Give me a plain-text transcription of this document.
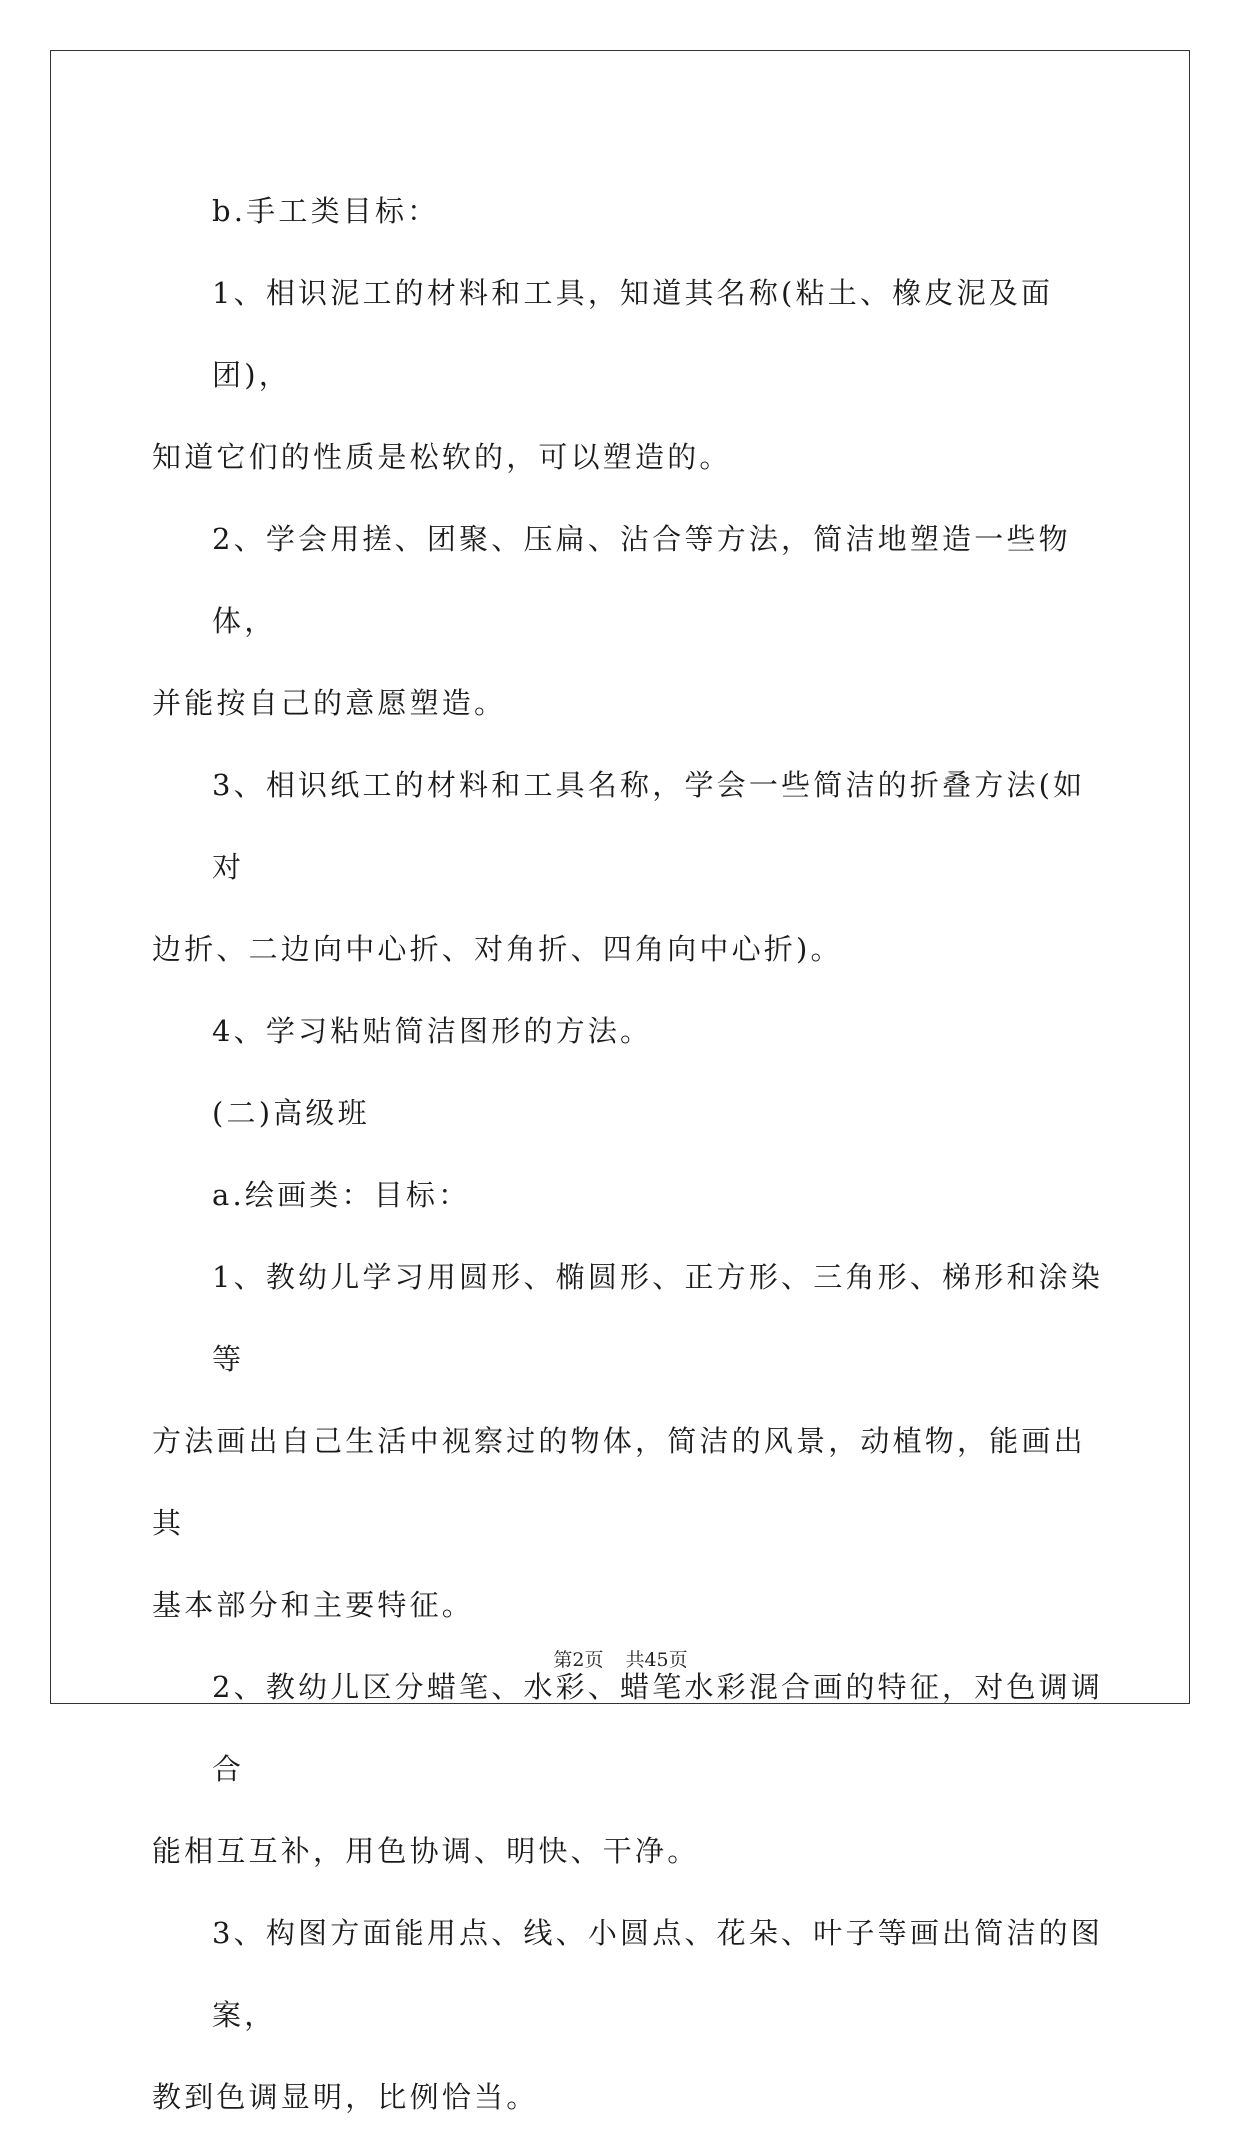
b.手工类目标：
1、相识泥工的材料和工具，知道其名称(粘土、橡皮泥及面团)，
知道它们的性质是松软的，可以塑造的。
2、学会用搓、团聚、压扁、沾合等方法，简洁地塑造一些物体，
并能按自己的意愿塑造。
3、相识纸工的材料和工具名称，学会一些简洁的折叠方法(如对
边折、二边向中心折、对角折、四角向中心折)。
4、学习粘贴简洁图形的方法。
(二)高级班
a.绘画类：目标：
1、教幼儿学习用圆形、椭圆形、正方形、三角形、梯形和涂染等
方法画出自己生活中视察过的物体，简洁的风景，动植物，能画出其
基本部分和主要特征。
2、教幼儿区分蜡笔、水彩、蜡笔水彩混合画的特征，对色调调合
能相互互补，用色协调、明快、干净。
3、构图方面能用点、线、小圆点、花朵、叶子等画出简洁的图案，
教到色调显明，比例恰当。
第2页 共45页
